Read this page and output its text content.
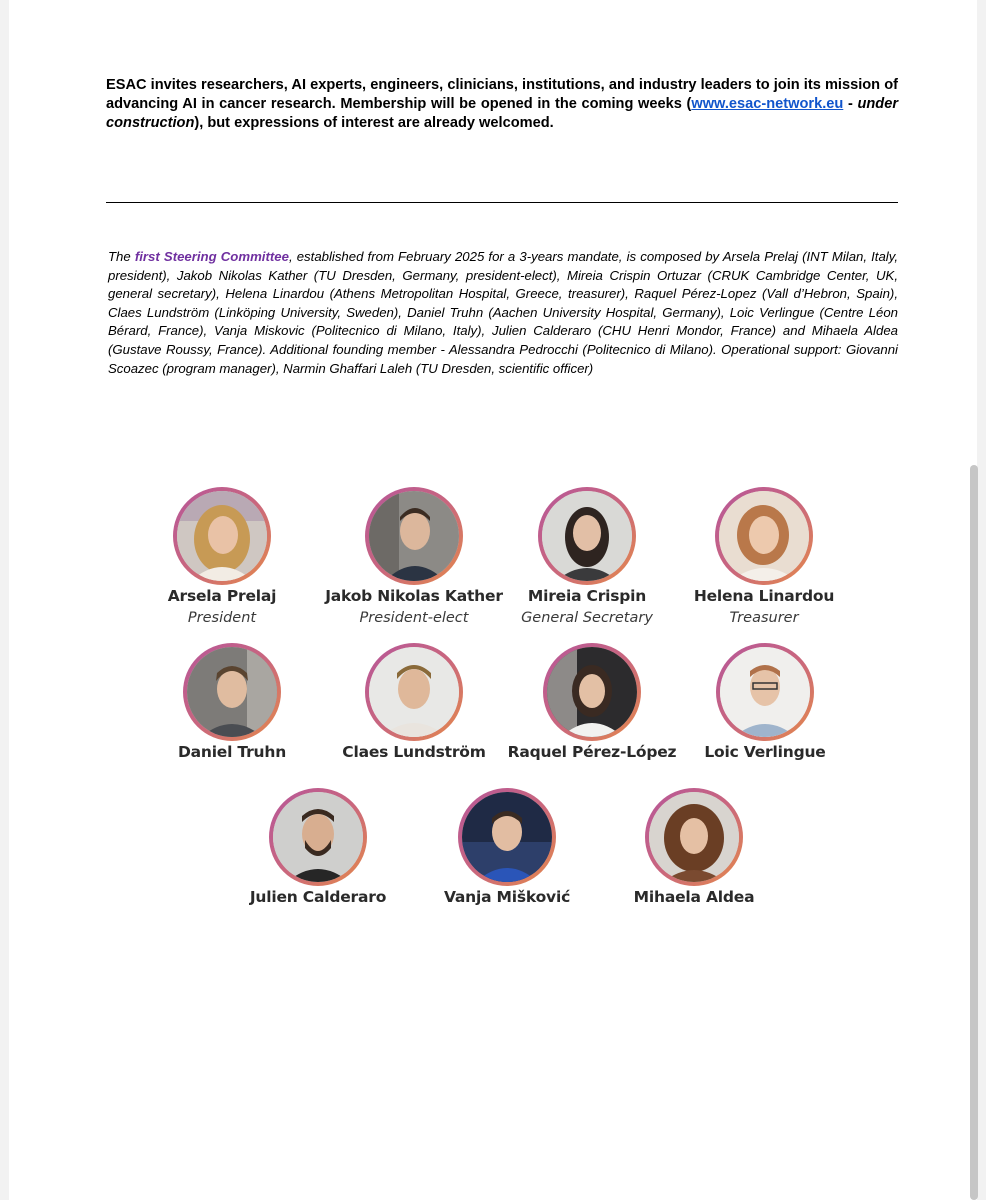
ESAC invites researchers, AI experts, engineers, clinicians, institutions, and industry leaders to join its mission of advancing AI in cancer research. Membership will be opened in the coming weeks (www.esac-network.eu - under construction), but expressions of interest are already welcomed.

The first Steering Committee, established from February 2025 for a 3-years mandate, is composed by Arsela Prelaj (INT Milan, Italy, president), Jakob Nikolas Kather (TU Dresden, Germany, president-elect), Mireia Crispin Ortuzar (CRUK Cambridge Center, UK, general secretary), Helena Linardou (Athens Metropolitan Hospital, Greece, treasurer), Raquel Pérez-Lopez (Vall d’Hebron, Spain), Claes Lundström (Linköping University, Sweden), Daniel Truhn (Aachen University Hospital, Germany), Loic Verlingue (Centre Léon Bérard, France), Vanja Miskovic (Politecnico di Milano, Italy), Julien Calderaro (CHU Henri Mondor, France) and Mihaela Aldea (Gustave Roussy, France). Additional founding member - Alessandra Pedrocchi (Politecnico di Milano). Operational support: Giovanni Scoazec (program manager), Narmin Ghaffari Laleh (TU Dresden, scientific officer)

Arsela Prelaj
President
Jakob Nikolas Kather
President-elect
Mireia Crispin
General Secretary
Helena Linardou
Treasurer
Daniel Truhn	Claes Lundström	Raquel Pérez-López	Loic Verlingue
Julien Calderaro	Vanja Mišković	Mihaela Aldea
